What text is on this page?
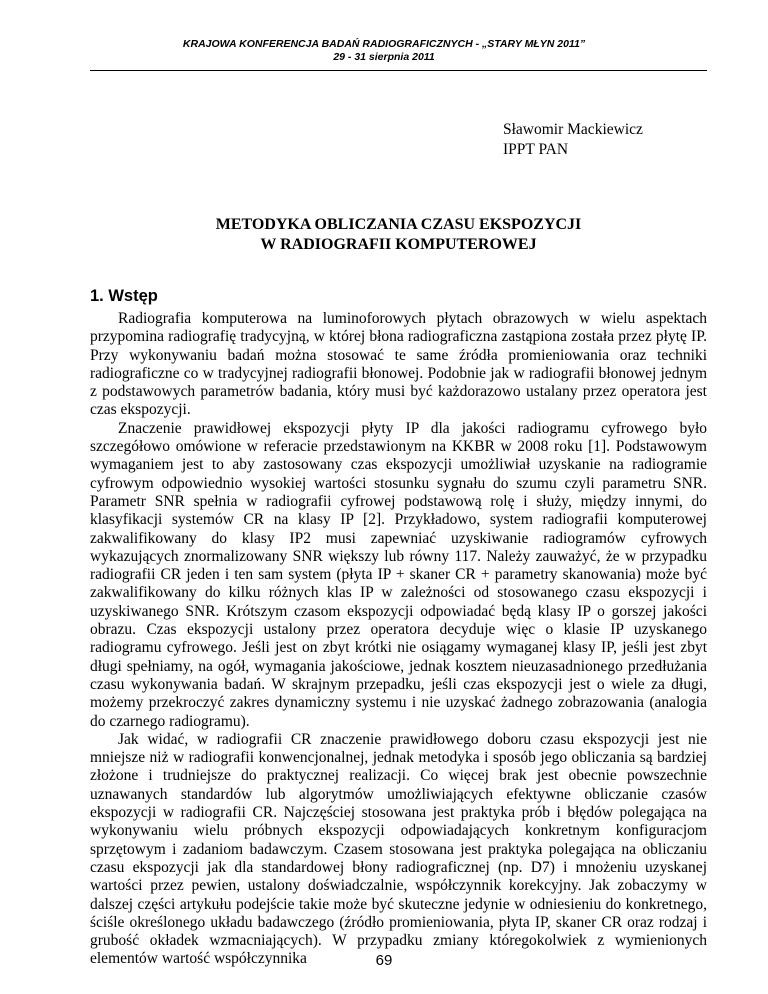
KRAJOWA KONFERENCJA BADAŃ RADIOGRAFICZNYCH - „STARY MŁYN 2011”
29 - 31 sierpnia 2011
Sławomir Mackiewicz
IPPT PAN
METODYKA OBLICZANIA CZASU EKSPOZYCJI
W RADIOGRAFII KOMPUTEROWEJ
1. Wstęp

Radiografia komputerowa na luminoforowych płytach obrazowych w wielu aspektach przypomina radiografię tradycyjną, w której błona radiograficzna zastąpiona została przez płytę IP. Przy wykonywaniu badań można stosować te same źródła promieniowania oraz techniki radiograficzne co w tradycyjnej radiografii błonowej. Podobnie jak w radiografii błonowej jednym z podstawowych parametrów badania, który musi być każdorazowo ustalany przez operatora jest czas ekspozycji.

Znaczenie prawidłowej ekspozycji płyty IP dla jakości radiogramu cyfrowego było szczegółowo omówione w referacie przedstawionym na KKBR w 2008 roku [1]. Podstawowym wymaganiem jest to aby zastosowany czas ekspozycji umożliwiał uzyskanie na radiogramie cyfrowym odpowiednio wysokiej wartości stosunku sygnału do szumu czyli parametru SNR. Parametr SNR spełnia w radiografii cyfrowej podstawową rolę i służy, między innymi, do klasyfikacji systemów CR na klasy IP [2]. Przykładowo, system radiografii komputerowej zakwalifikowany do klasy IP2 musi zapewniać uzyskiwanie radiogramów cyfrowych wykazujących znormalizowany SNR większy lub równy 117. Należy zauważyć, że w przypadku radiografii CR jeden i ten sam system (płyta IP + skaner CR + parametry skanowania) może być zakwalifikowany do kilku różnych klas IP w zależności od stosowanego czasu ekspozycji i uzyskiwanego SNR. Krótszym czasom ekspozycji odpowiadać będą klasy IP o gorszej jakości obrazu. Czas ekspozycji ustalony przez operatora decyduje więc o klasie IP uzyskanego radiogramu cyfrowego. Jeśli jest on zbyt krótki nie osiągamy wymaganej klasy IP, jeśli jest zbyt długi spełniamy, na ogół, wymagania jakościowe, jednak kosztem nieuzasadnionego przedłużania czasu wykonywania badań. W skrajnym przepadku, jeśli czas ekspozycji jest o wiele za długi, możemy przekroczyć zakres dynamiczny systemu i nie uzyskać żadnego zobrazowania (analogia do czarnego radiogramu).

Jak widać, w radiografii CR znaczenie prawidłowego doboru czasu ekspozycji jest nie mniejsze niż w radiografii konwencjonalnej, jednak metodyka i sposób jego obliczania są bardziej złożone i trudniejsze do praktycznej realizacji. Co więcej brak jest obecnie powszechnie uznawanych standardów lub algorytmów umożliwiających efektywne obliczanie czasów ekspozycji w radiografii CR. Najczęściej stosowana jest praktyka prób i błędów polegająca na wykonywaniu wielu próbnych ekspozycji odpowiadających konkretnym konfiguracjom sprzętowym i zadaniom badawczym. Czasem stosowana jest praktyka polegająca na obliczaniu czasu ekspozycji jak dla standardowej błony radiograficznej (np. D7) i mnożeniu uzyskanej wartości przez pewien, ustalony doświadczalnie, współczynnik korekcyjny. Jak zobaczymy w dalszej części artykułu podejście takie może być skuteczne jedynie w odniesieniu do konkretnego, ściśle określonego układu badawczego (źródło promieniowania, płyta IP, skaner CR oraz rodzaj i grubość okładek wzmacniających). W przypadku zmiany któregokolwiek z wymienionych elementów wartość współczynnika	69
